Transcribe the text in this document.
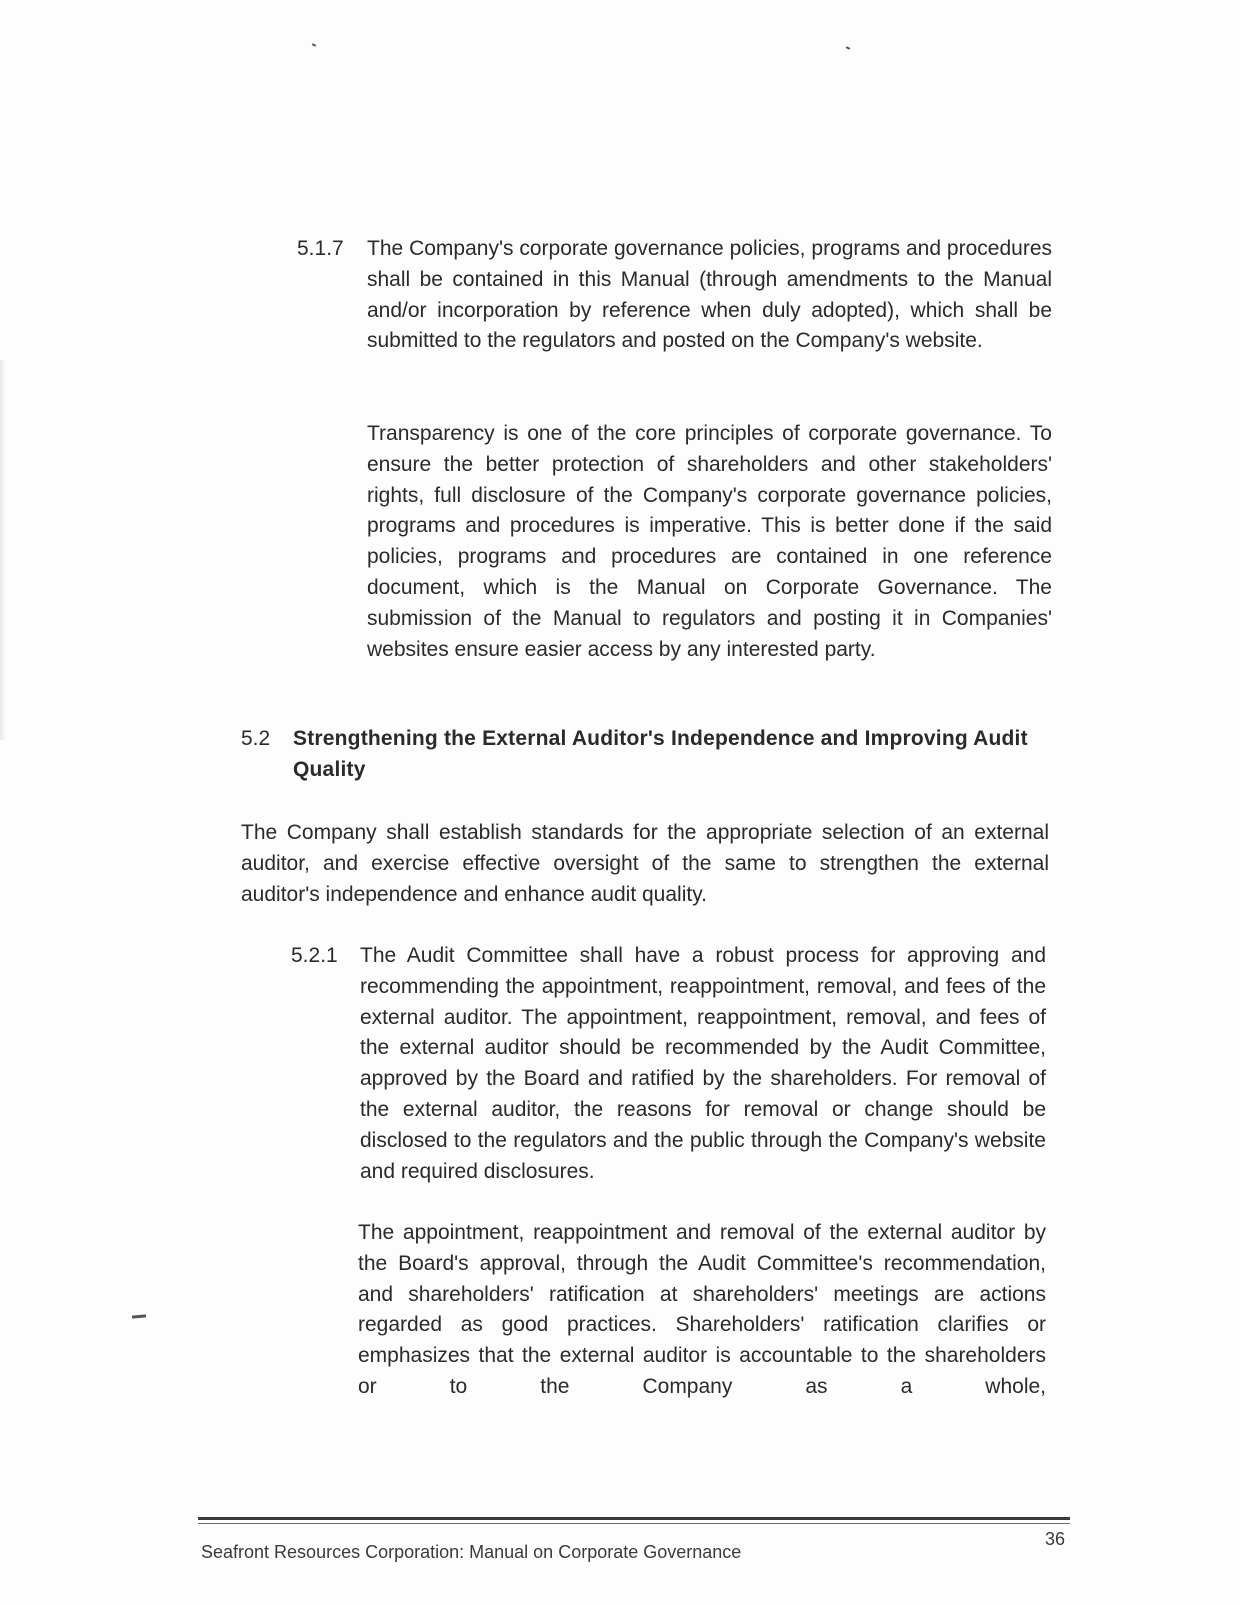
5.1.7 The Company's corporate governance policies, programs and procedures shall be contained in this Manual (through amendments to the Manual and/or incorporation by reference when duly adopted), which shall be submitted to the regulators and posted on the Company's website.

Transparency is one of the core principles of corporate governance. To ensure the better protection of shareholders and other stakeholders' rights, full disclosure of the Company's corporate governance policies, programs and procedures is imperative. This is better done if the said policies, programs and procedures are contained in one reference document, which is the Manual on Corporate Governance. The submission of the Manual to regulators and posting it in Companies' websites ensure easier access by any interested party.

5.2 Strengthening the External Auditor's Independence and Improving Audit Quality

The Company shall establish standards for the appropriate selection of an external auditor, and exercise effective oversight of the same to strengthen the external auditor's independence and enhance audit quality.

5.2.1 The Audit Committee shall have a robust process for approving and recommending the appointment, reappointment, removal, and fees of the external auditor. The appointment, reappointment, removal, and fees of the external auditor should be recommended by the Audit Committee, approved by the Board and ratified by the shareholders. For removal of the external auditor, the reasons for removal or change should be disclosed to the regulators and the public through the Company's website and required disclosures.

The appointment, reappointment and removal of the external auditor by the Board's approval, through the Audit Committee's recommendation, and shareholders' ratification at shareholders' meetings are actions regarded as good practices. Shareholders' ratification clarifies or emphasizes that the external auditor is accountable to the shareholders or to the Company as a whole,

36
Seafront Resources Corporation: Manual on Corporate Governance
